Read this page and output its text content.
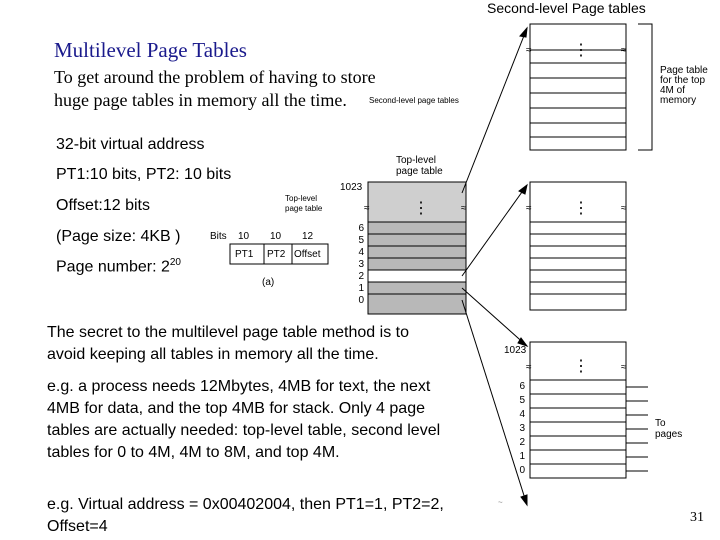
Second-level Page tables
Multilevel Page Tables
To get around the problem of having to store huge page tables in memory all the time.	Second-level page tables
32-bit virtual address
PT1:10 bits, PT2: 10 bits
Offset:12 bits
(Page size: 4KB )
Page number: $2^{20}$
The secret to the multilevel page table method is to avoid keeping all tables in memory all the time.
e.g. a process needs 12Mbytes, 4MB for text, the next 4MB for data, and the top 4MB for stack. Only 4 page tables are actually needed: top-level table, second level tables for 0 to 4M, 4M to 8M, and top 4M.
e.g. Virtual address = 0x00402004, then PT1=1, PT2=2, Offset=4
31
Top-level page table
Top-level page table
Page table for the top 4M of memory
To pages
(a)
Bits 10 10 12
PT1 PT2 Offset
1023
6
5
4
3
2
1
0
1023
6
5
4
3
2
1
0
⋮
⋮	⋮
⋮
≈	≈
≈	≈	≈	≈
≈	≈
~
